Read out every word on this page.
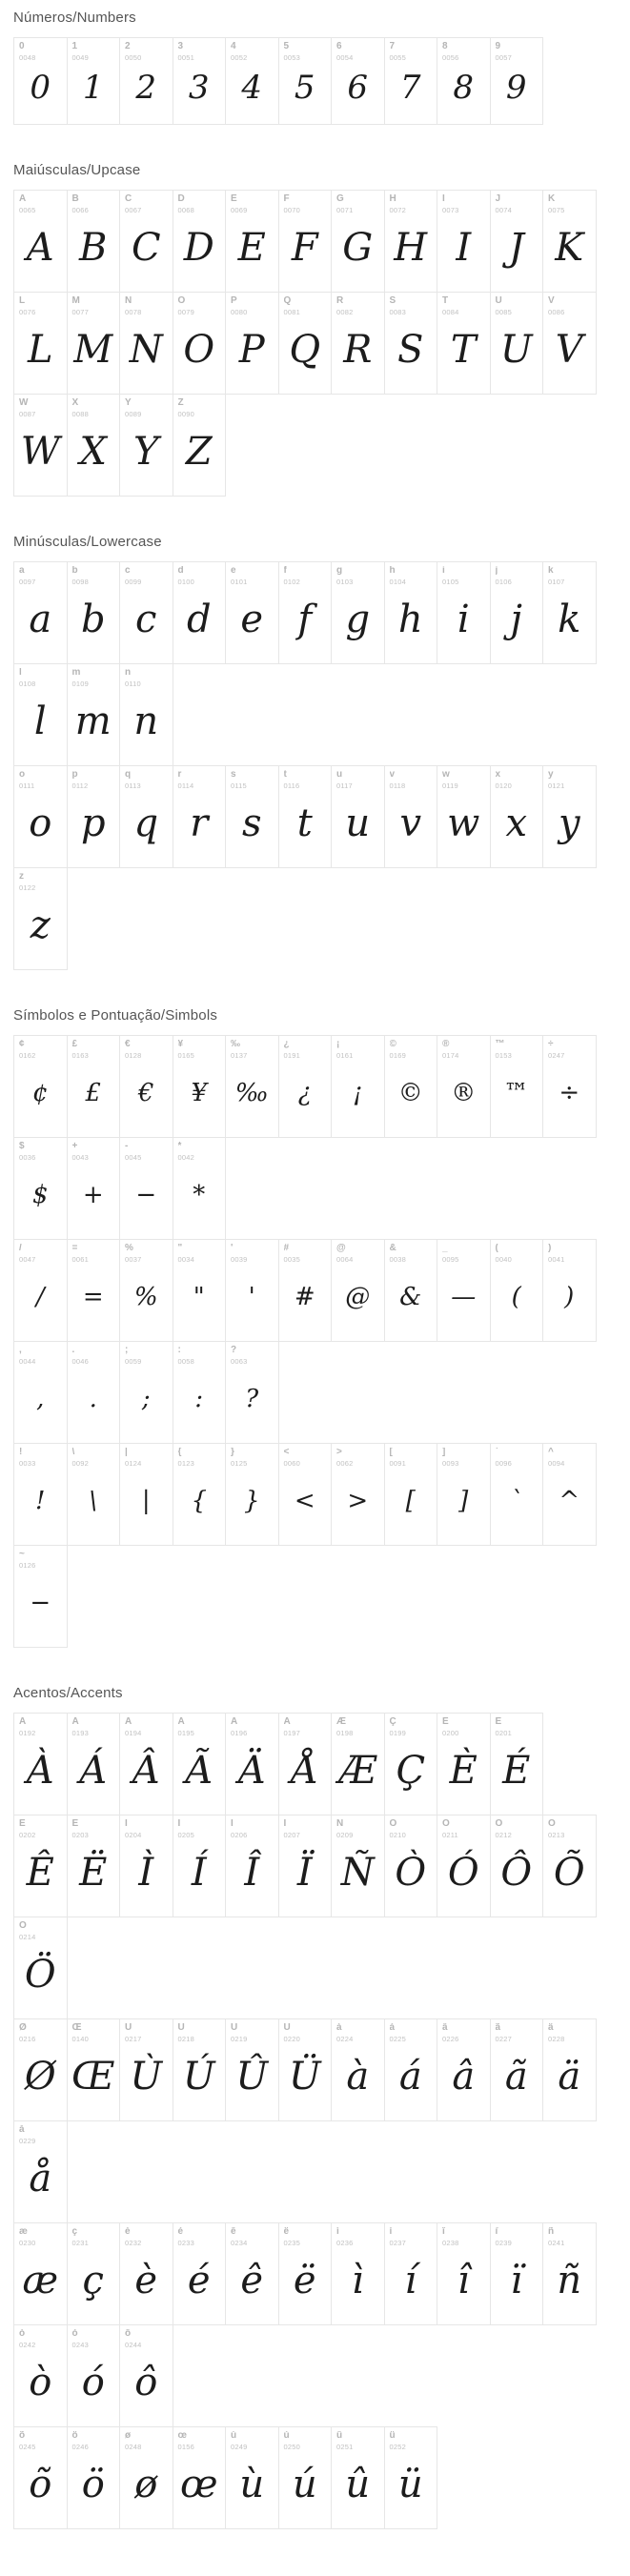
Números/Numbers
0
0048
0
1
0049
1
2
0050
2
3
0051
3
4
0052
4
5
0053
5
6
0054
6
7
0055
7
8
0056
8
9
0057
9
Maiúsculas/Upcase
A
0065
A
B
0066
B
C
0067
C
D
0068
D
E
0069
E
F
0070
F
G
0071
G
H
0072
H
I
0073
I
J
0074
J
K
0075
K
L
0076
L
M
0077
M
N
0078
N
O
0079
O
P
0080
P
Q
0081
Q
R
0082
R
S
0083
S
T
0084
T
U
0085
U
V
0086
V
W
0087
W
X
0088
X
Y
0089
Y
Z
0090
Z
Minúsculas/Lowercase
a
0097
a
b
0098
b
c
0099
c
d
0100
d
e
0101
e
f
0102
f
g
0103
g
h
0104
h
i
0105
i
j
0106
j
k
0107
k
l
0108
l
m
0109
m
n
0110
n
o
0111
o
p
0112
p
q
0113
q
r
0114
r
s
0115
s
t
0116
t
u
0117
u
v
0118
v
w
0119
w
x
0120
x
y
0121
y
z
0122
z
Símbolos e Pontuação/Simbols
¢
0162
¢
£
0163
£
€
0128
€
¥
0165
¥
‰
0137
‰
¿
0191
¿
¡
0161
¡
©
0169
©
®
0174
®
™
0153
™
÷
0247
÷
$
0036
$
+
0043
+
-
0045
−
*
0042
*
/
0047
/
=
0061
=
%
0037
%
"
0034
"
'
0039
'
#
0035
#
@
0064
@
&
0038
&
_
0095
—
(
0040
(
)
0041
)
,
0044
,
.
0046
.
;
0059
;
:
0058
:
?
0063
?
!
0033
!
\
0092
\
|
0124
|
{
0123
{
}
0125
}
<
0060
<
>
0062
>
[
0091
[
]
0093
]
`
0096
`
^
0094
^
~
0126
−
Acentos/Accents
À
0192
À
Á
0193
Á
Â
0194
Â
Ã
0195
Ã
Ä
0196
Ä
Å
0197
Å
Æ
0198
Æ
Ç
0199
Ç
È
0200
È
É
0201
É
Ê
0202
Ê
Ë
0203
Ë
Ì
0204
Ì
Í
0205
Í
Î
0206
Î
Ï
0207
Ï
Ñ
0209
Ñ
Ò
0210
Ò
Ó
0211
Ó
Ô
0212
Ô
Õ
0213
Õ
Ö
0214
Ö
Ø
0216
Ø
Œ
0140
Œ
Ù
0217
Ù
Ú
0218
Ú
Û
0219
Û
Ü
0220
Ü
à
0224
à
á
0225
á
â
0226
â
ã
0227
ã
ä
0228
ä
å
0229
å
æ
0230
æ
ç
0231
ç
è
0232
è
é
0233
é
ê
0234
ê
ë
0235
ë
ì
0236
ì
í
0237
í
î
0238
î
ï
0239
ï
ñ
0241
ñ
ò
0242
ò
ó
0243
ó
ô
0244
ô
õ
0245
õ
ö
0246
ö
ø
0248
ø
œ
0156
œ
ù
0249
ù
ú
0250
ú
û
0251
û
ü
0252
ü
